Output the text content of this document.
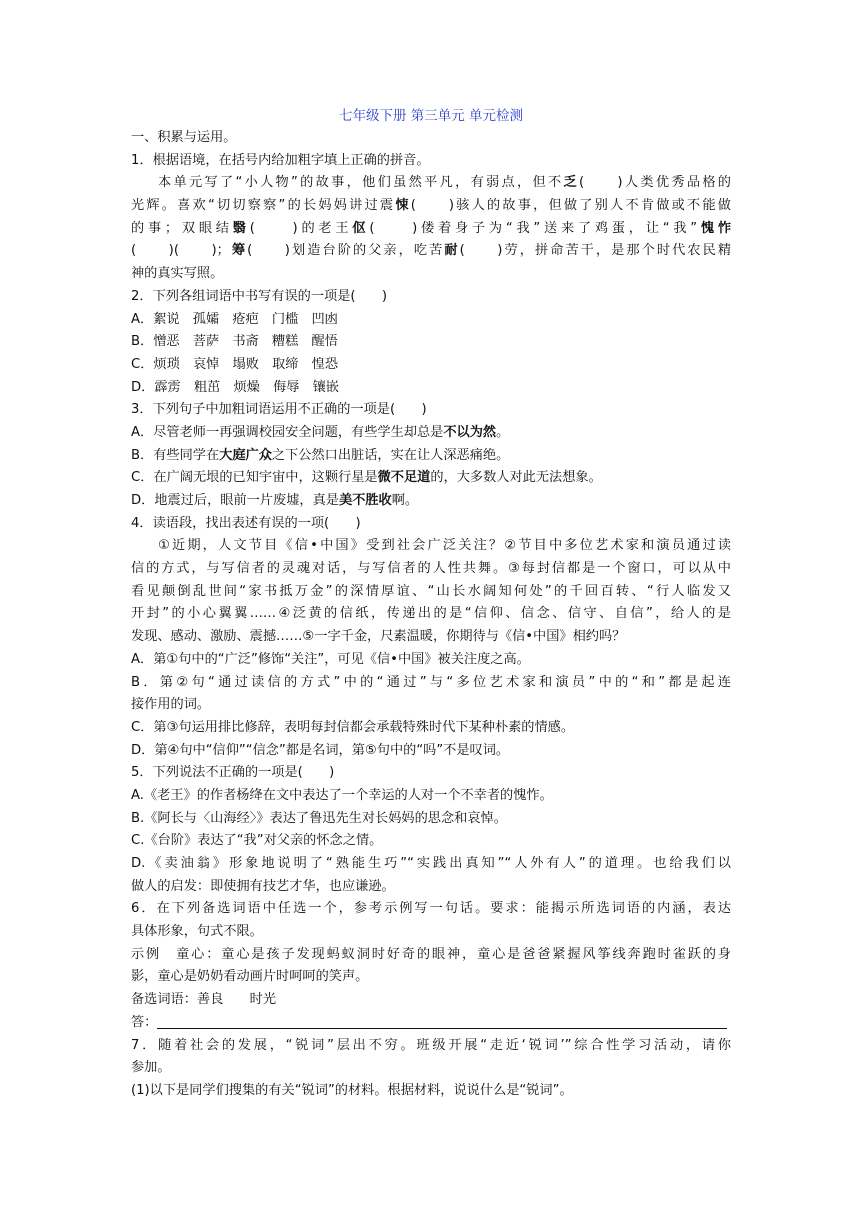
七年级下册 第三单元 单元检测
一、积累与运用。
1．根据语境，在括号内给加粗字填上正确的拼音。
本单元写了“小人物”的故事，他们虽然平凡，有弱点，但不乏(　　)人类优秀品格的
光辉。喜欢“切切察察”的长妈妈讲过震悚(　　)骇人的故事，但做了别人不肯做或不能做
的事；双眼结翳(　　)的老王伛(　　)偻着身子为“我”送来了鸡蛋，让“我”愧怍
(　　)(　　)；筹(　　)划造台阶的父亲，吃苦耐(　　)劳，拼命苦干，是那个时代农民精
神的真实写照。
2．下列各组词语中书写有误的一项是(　　)
A．絮说　孤孀　疮疤　门槛　凹凼
B．憎恶　菩萨　书斋　糟糕　醒悟
C．烦琐　哀悼　塌败　取缔　惶恐
D．霹雳　粗茁　烦燥　侮辱　镶嵌
3．下列句子中加粗词语运用不正确的一项是(　　)
A．尽管老师一再强调校园安全问题，有些学生却总是不以为然。
B．有些同学在大庭广众之下公然口出脏话，实在让人深恶痛绝。
C．在广阔无垠的已知宇宙中，这颗行星是微不足道的，大多数人对此无法想象。
D．地震过后，眼前一片废墟，真是美不胜收啊。
4．读语段，找出表述有误的一项(　　)
①近期，人文节目《信•中国》受到社会广泛关注？②节目中多位艺术家和演员通过读
信的方式，与写信者的灵魂对话，与写信者的人性共舞。③每封信都是一个窗口，可以从中
看见颠倒乱世间“家书抵万金”的深情厚谊、“山长水阔知何处”的千回百转、“行人临发又
开封”的小心翼翼……④泛黄的信纸，传递出的是“信仰、信念、信守、自信”，给人的是
发现、感动、激励、震撼……⑤一字千金，尺素温暖，你期待与《信•中国》相约吗？
A．第①句中的“广泛”修饰“关注”，可见《信•中国》被关注度之高。
B．第②句“通过读信的方式”中的“通过”与“多位艺术家和演员”中的“和”都是起连
接作用的词。
C．第③句运用排比修辞，表明每封信都会承载特殊时代下某种朴素的情感。
D．第④句中“信仰”“信念”都是名词，第⑤句中的“吗”不是叹词。
5．下列说法不正确的一项是(　　)
A.《老王》的作者杨绛在文中表达了一个幸运的人对一个不幸者的愧怍。
B.《阿长与〈山海经〉》表达了鲁迅先生对长妈妈的思念和哀悼。
C.《台阶》表达了“我”对父亲的怀念之情。
D.《卖油翁》形象地说明了“熟能生巧”“实践出真知”“人外有人”的道理。也给我们以
做人的启发：即使拥有技艺才华，也应谦逊。
6．在下列备选词语中任选一个，参考示例写一句话。要求：能揭示所选词语的内涵，表达
具体形象，句式不限。
示例　童心：童心是孩子发现蚂蚁洞时好奇的眼神，童心是爸爸紧握风筝线奔跑时雀跃的身
影，童心是奶奶看动画片时呵呵的笑声。
备选词语：善良　　时光
答：
7．随着社会的发展，“锐词”层出不穷。班级开展“走近‘锐词’”综合性学习活动，请你
参加。
(1)以下是同学们搜集的有关“锐词”的材料。根据材料，说说什么是“锐词”。
